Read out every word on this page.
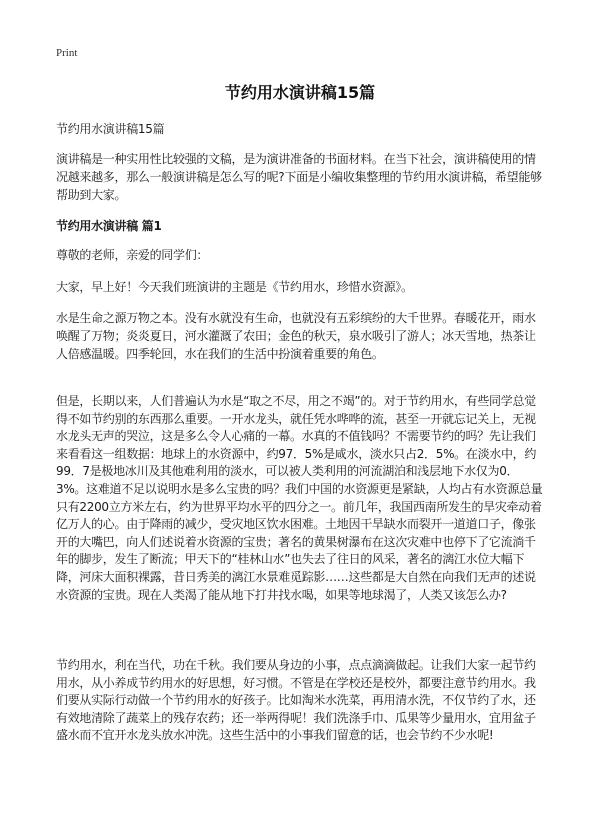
Print
节约用水演讲稿15篇

节约用水演讲稿15篇

演讲稿是一种实用性比较强的文稿，是为演讲准备的书面材料。在当下社会，演讲稿使用的情况越来越多，那么一般演讲稿是怎么写的呢?下面是小编收集整理的节约用水演讲稿，希望能够帮助到大家。

节约用水演讲稿 篇1

尊敬的老师，亲爱的同学们：

大家，早上好！今天我们班演讲的主题是《节约用水，珍惜水资源》。

水是生命之源万物之本。没有水就没有生命，也就没有五彩缤纷的大千世界。春暖花开，雨水唤醒了万物；炎炎夏日，河水灌溉了农田；金色的秋天，泉水吸引了游人；冰天雪地，热茶让人倍感温暖。四季轮回，水在我们的生活中扮演着重要的角色。

但是，长期以来，人们普遍认为水是“取之不尽，用之不竭”的。对于节约用水，有些同学总觉得不如节约别的东西那么重要。一开水龙头，就任凭水哗哗的流，甚至一开就忘记关上，无视水龙头无声的哭泣，这是多么令人心痛的一幕。水真的不值钱吗？不需要节约的吗？先让我们来看看这一组数据：地球上的水资源中，约97．5%是咸水，淡水只占2．5%。在淡水中，约99．7是极地冰川及其他难利用的淡水，可以被人类利用的河流湖泊和浅层地下水仅为0．3%。这难道不足以说明水是多么宝贵的吗？我们中国的水资源更是紧缺，人均占有水资源总量只有2200立方米左右，约为世界平均水平的四分之一。前几年，我国西南所发生的旱灾牵动着亿万人的心。由于降雨的减少，受灾地区饮水困难。土地因干旱缺水而裂开一道道口子，像张开的大嘴巴，向人们述说着水资源的宝贵；著名的黄果树瀑布在这次灾难中也停下了它流淌千年的脚步，发生了断流；甲天下的“桂林山水”也失去了往日的风采，著名的漓江水位大幅下降，河床大面积裸露，昔日秀美的漓江水景难觅踪影……这些都是大自然在向我们无声的述说水资源的宝贵。现在人类渴了能从地下打井找水喝，如果等地球渴了，人类又该怎么办?

节约用水，利在当代，功在千秋。我们要从身边的小事，点点滴滴做起。让我们大家一起节约用水，从小养成节约用水的好思想，好习惯。不管是在学校还是校外，都要注意节约用水。我们要从实际行动做一个节约用水的好孩子。比如淘米水洗菜，再用清水洗，不仅节约了水，还有效地清除了蔬菜上的残存农药；还一举两得呢！我们洗涤手巾、瓜果等少量用水，宜用盆子盛水而不宜开水龙头放水冲洗。这些生活中的小事我们留意的话，也会节约不少水呢!
